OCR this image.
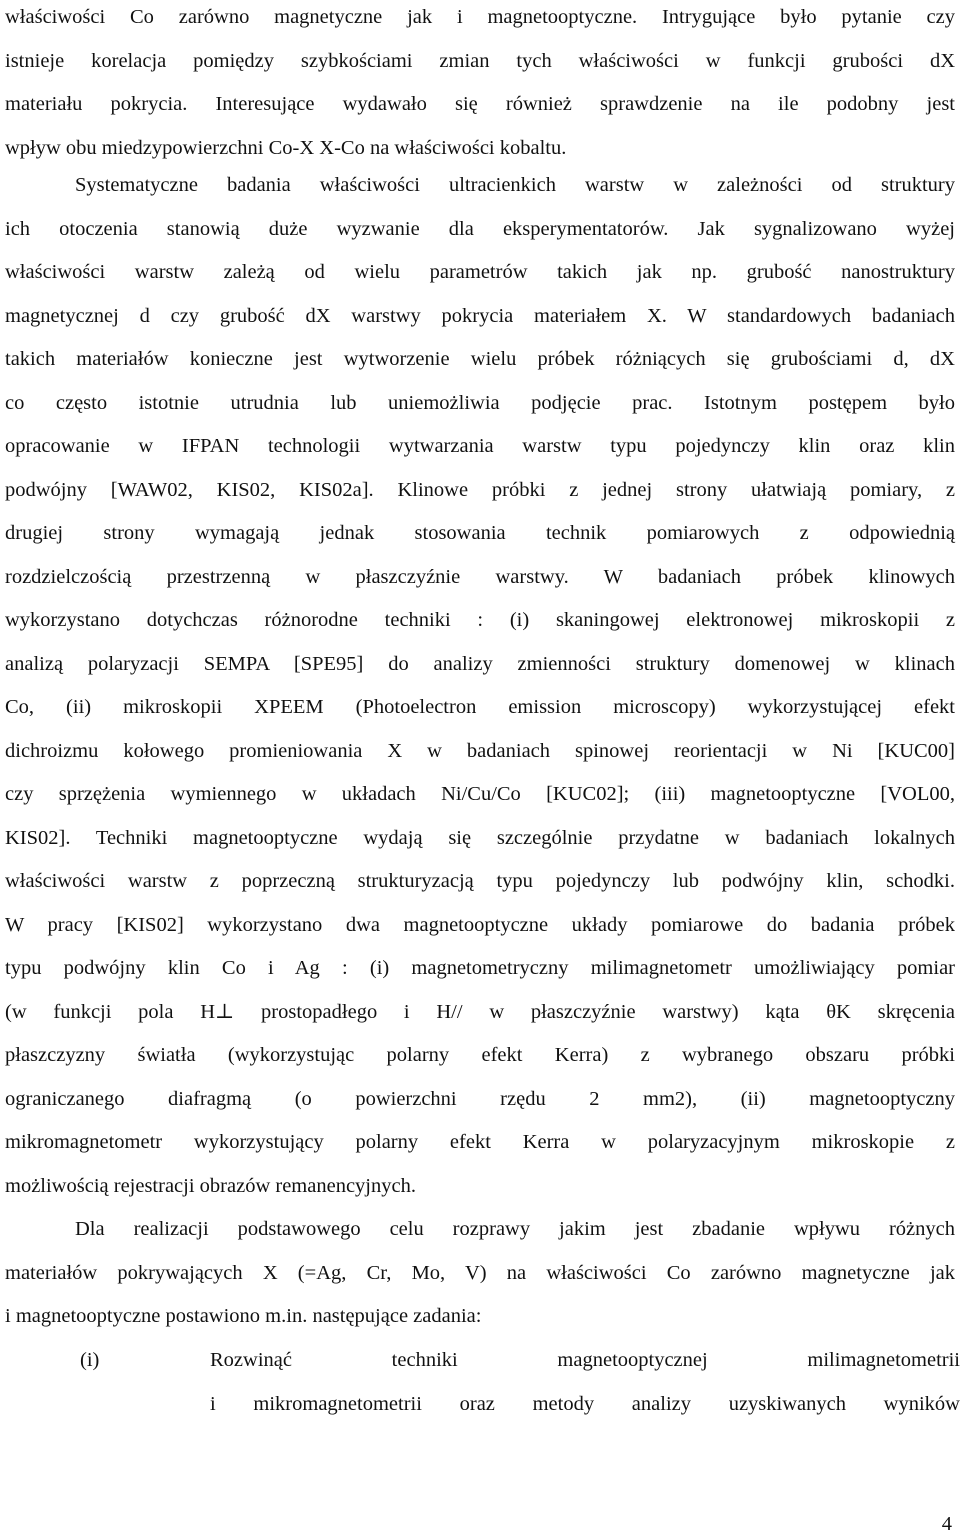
właściwości Co zarówno magnetyczne jak i magnetooptyczne. Intrygujące było pytanie czy
istnieje korelacja pomiędzy szybkościami zmian tych właściwości w funkcji grubości dX
materiału pokrycia. Interesujące wydawało się również sprawdzenie na ile podobny jest
wpływ obu miedzypowierzchni Co-X X-Co na właściwości kobaltu.
Systematyczne badania właściwości ultracienkich warstw w zależności od struktury
ich otoczenia stanowią duże wyzwanie dla eksperymentatorów. Jak sygnalizowano wyżej
właściwości warstw zależą od wielu parametrów takich jak np. grubość nanostruktury
magnetycznej d czy grubość dX warstwy pokrycia materiałem X. W standardowych badaniach
takich materiałów konieczne jest wytworzenie wielu próbek różniących się grubościami d, dX
co często istotnie utrudnia lub uniemożliwia podjęcie prac. Istotnym postępem było
opracowanie w IFPAN technologii wytwarzania warstw typu pojedynczy klin oraz klin
podwójny [WAW02, KIS02, KIS02a]. Klinowe próbki z jednej strony ułatwiają pomiary, z
drugiej strony wymagają jednak stosowania technik pomiarowych z odpowiednią
rozdzielczością przestrzenną w płaszczyźnie warstwy. W badaniach próbek klinowych
wykorzystano dotychczas różnorodne techniki : (i) skaningowej elektronowej mikroskopii z
analizą polaryzacji SEMPA [SPE95] do analizy zmienności struktury domenowej w klinach
Co, (ii) mikroskopii XPEEM (Photoelectron emission microscopy) wykorzystującej efekt
dichroizmu kołowego promieniowania X w badaniach spinowej reorientacji w Ni [KUC00]
czy sprzężenia wymiennego w układach Ni/Cu/Co [KUC02]; (iii) magnetooptyczne [VOL00,
KIS02]. Techniki magnetooptyczne wydają się szczególnie przydatne w badaniach lokalnych
właściwości warstw z poprzeczną strukturyzacją typu pojedynczy lub podwójny klin, schodki.
W pracy [KIS02] wykorzystano dwa magnetooptyczne układy pomiarowe do badania próbek
typu podwójny klin Co i Ag : (i) magnetometryczny milimagnetometr umożliwiający pomiar
(w funkcji pola H⊥ prostopadłego i H// w płaszczyźnie warstwy) kąta θK skręcenia
płaszczyzny światła (wykorzystując polarny efekt Kerra) z wybranego obszaru próbki
ograniczanego diafragmą (o powierzchni rzędu 2 mm2), (ii) magnetooptyczny
mikromagnetometr wykorzystujący polarny efekt Kerra w polaryzacyjnym mikroskopie z
możliwością rejestracji obrazów remanencyjnych.
Dla realizacji podstawowego celu rozprawy jakim jest zbadanie wpływu różnych
materiałów pokrywających X (=Ag, Cr, Mo, V) na właściwości Co zarówno magnetyczne jak
i magnetooptyczne postawiono m.in. następujące zadania:
(i)	Rozwinąć techniki magnetooptycznej milimagnetometrii
i mikromagnetometrii oraz metody analizy uzyskiwanych wyników
4
